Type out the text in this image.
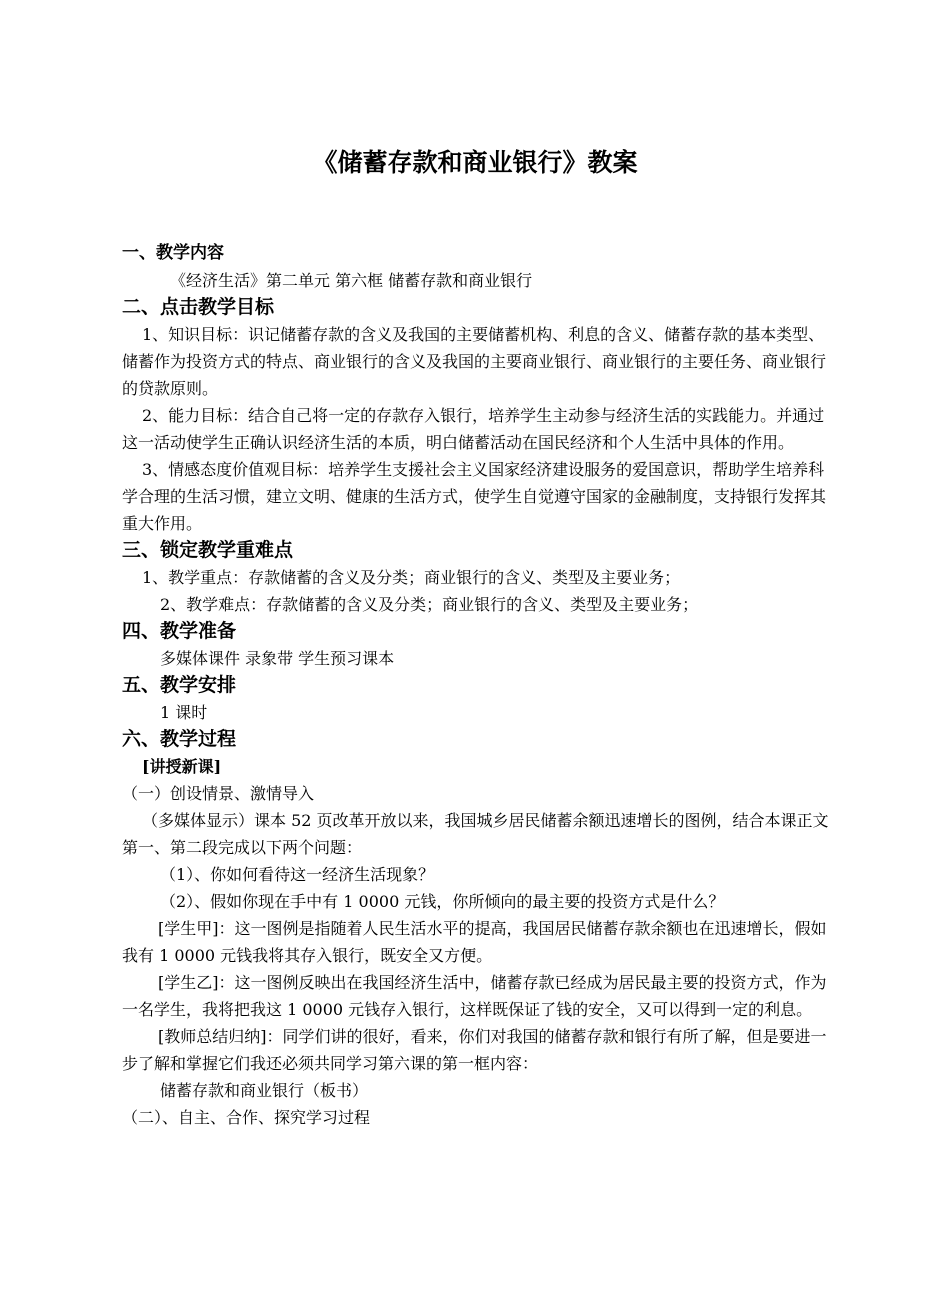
《储蓄存款和商业银行》教案
一、教学内容
《经济生活》第二单元 第六框 储蓄存款和商业银行
二、点击教学目标
1、知识目标：识记储蓄存款的含义及我国的主要储蓄机构、利息的含义、储蓄存款的基本类型、储蓄作为投资方式的特点、商业银行的含义及我国的主要商业银行、商业银行的主要任务、商业银行的贷款原则。
2、能力目标：结合自己将一定的存款存入银行，培养学生主动参与经济生活的实践能力。并通过这一活动使学生正确认识经济生活的本质，明白储蓄活动在国民经济和个人生活中具体的作用。
3、情感态度价值观目标：培养学生支援社会主义国家经济建设服务的爱国意识，帮助学生培养科学合理的生活习惯，建立文明、健康的生活方式，使学生自觉遵守国家的金融制度，支持银行发挥其重大作用。
三、锁定教学重难点
1、教学重点：存款储蓄的含义及分类；商业银行的含义、类型及主要业务；
2、教学难点：存款储蓄的含义及分类；商业银行的含义、类型及主要业务；
四、教学准备
多媒体课件 录象带 学生预习课本
五、教学安排
1 课时
六、教学过程
[讲授新课]
（一）创设情景、激情导入
（多媒体显示）课本 52 页改革开放以来，我国城乡居民储蓄余额迅速增长的图例，结合本课正文第一、第二段完成以下两个问题：
（1）、你如何看待这一经济生活现象？
（2）、假如你现在手中有 1 0000 元钱，你所倾向的最主要的投资方式是什么？
[学生甲]：这一图例是指随着人民生活水平的提高，我国居民储蓄存款余额也在迅速增长，假如我有 1 0000 元钱我将其存入银行，既安全又方便。
[学生乙]：这一图例反映出在我国经济生活中，储蓄存款已经成为居民最主要的投资方式，作为一名学生，我将把我这 1 0000 元钱存入银行，这样既保证了钱的安全，又可以得到一定的利息。
[教师总结归纳]：同学们讲的很好，看来，你们对我国的储蓄存款和银行有所了解，但是要进一步了解和掌握它们我还必须共同学习第六课的第一框内容：
储蓄存款和商业银行（板书）
（二）、自主、合作、探究学习过程
